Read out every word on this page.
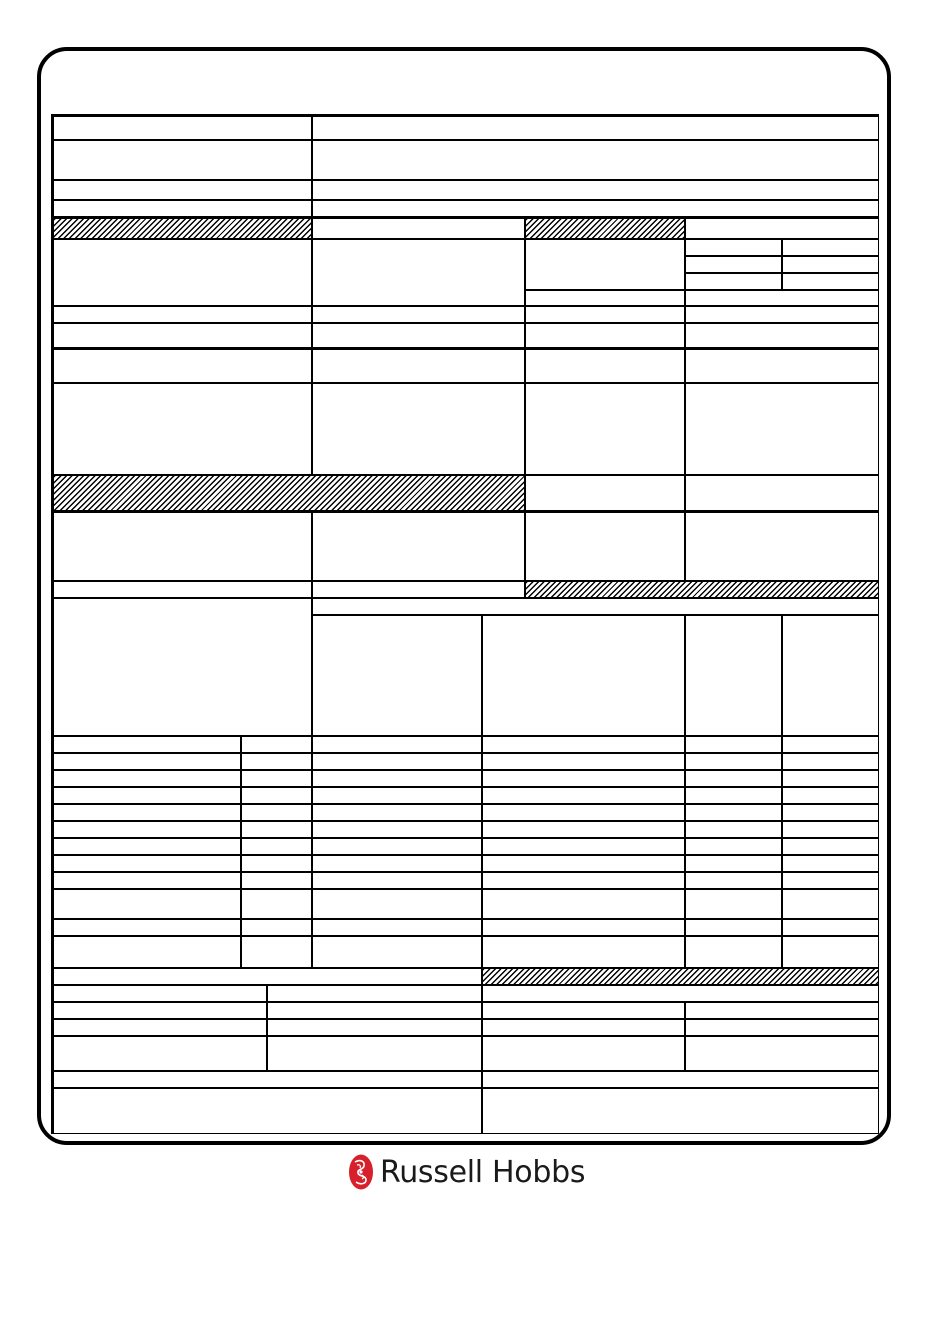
Russell Hobbs
